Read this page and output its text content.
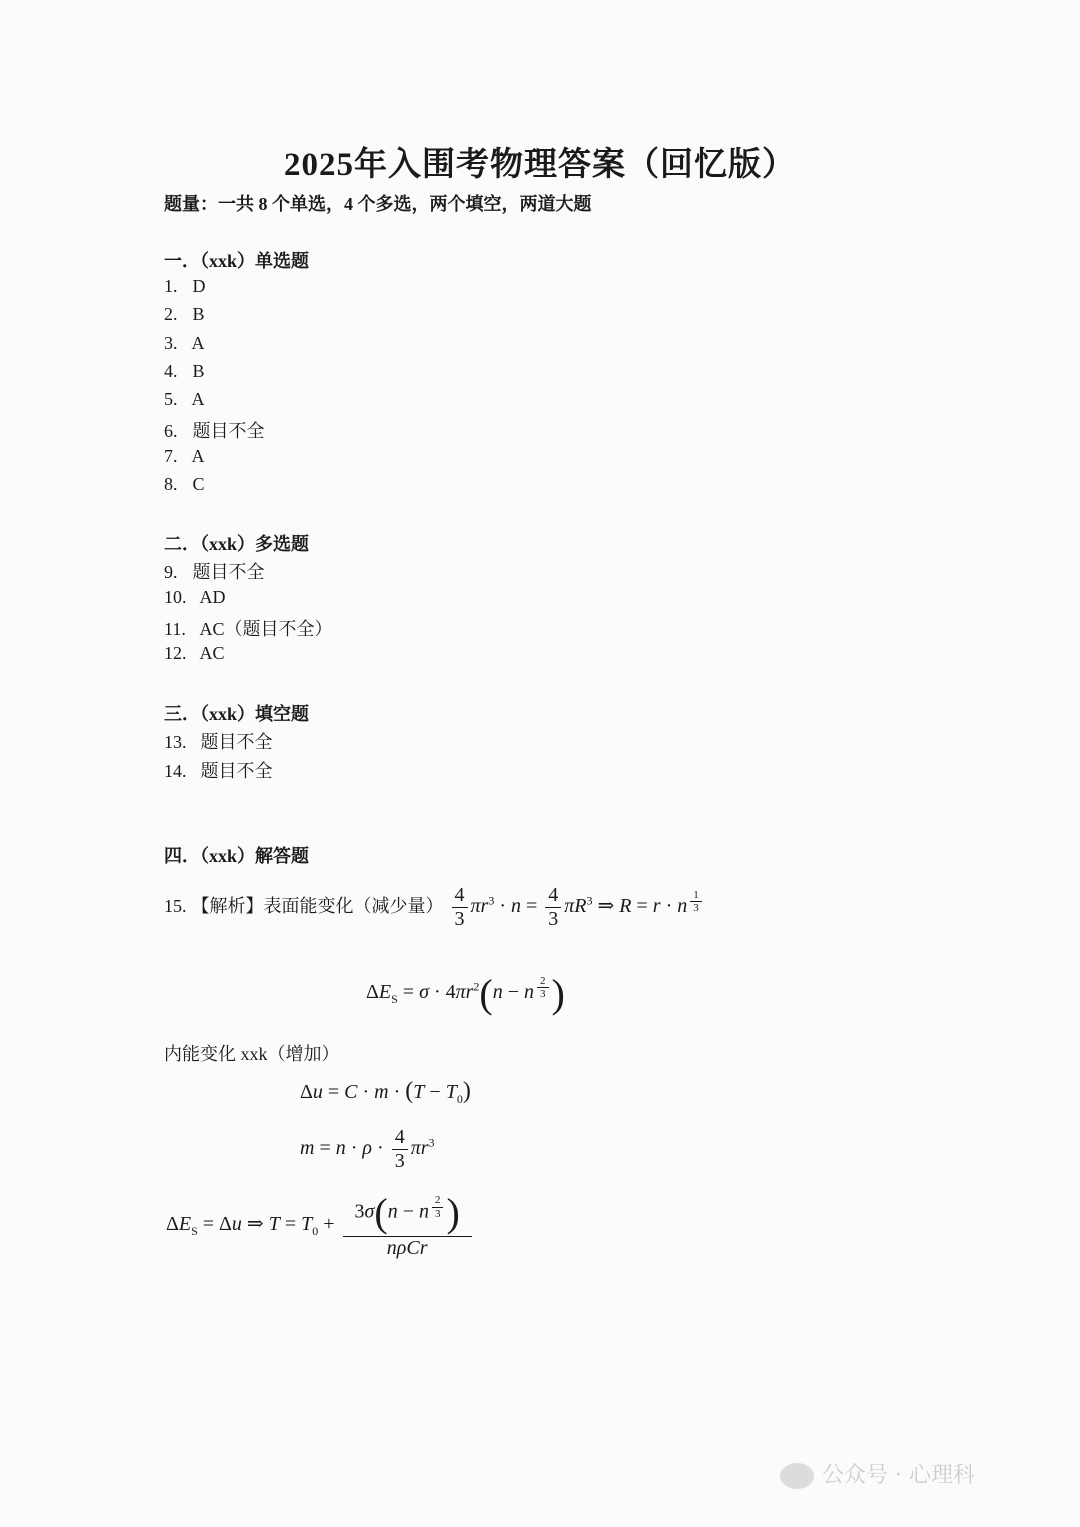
2025年入围考物理答案（回忆版）
题量：一共 8 个单选，4 个多选，两个填空，两道大题
一．（xxk）单选题
1. D
2. B
3. A
4. B
5. A
6. 题目不全
7. A
8. C
二．（xxk）多选题
9. 题目不全
10. AD
11. AC（题目不全）
12. AC
三．（xxk）填空题
13. 题目不全
14. 题目不全
四．（xxk）解答题
15. 【解析】表面能变化（减少量） $\frac{4}{3} \pi r^3 \cdot n = \frac{4}{3} \pi R^3$ ⇒ R = r · n $^{\frac{1}{3}}$
$\Delta E_S = \sigma \cdot 4\pi r^2(n - n$ $^{\frac{2}{3}}$ )
内能变化 xxk（增加）
$\Delta u = C \cdot m \cdot (T - T_0)$
$m = n \cdot \rho \cdot \frac{4}{3} \pi r^3$
$\Delta E_S = \Delta u$ ⇒ $T = T_0 + 3\sigma(n - n$ $^{\frac{2}{3}}$ )
nρCr
公众号 · 心理科
